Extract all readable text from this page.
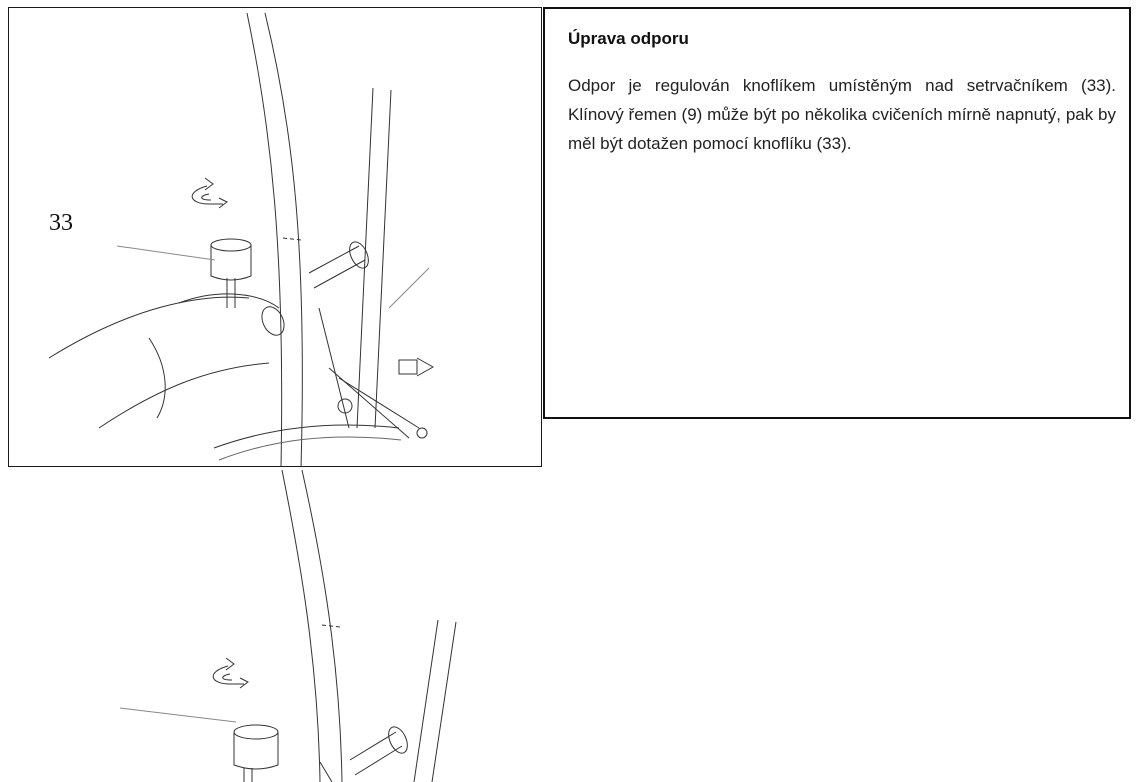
33
Úprava odporu

Odpor je regulován knoflíkem umístěným nad setrvačníkem (33). Klínový řemen (9) může být po několika cvičeních mírně napnutý, pak by měl být dotažen pomocí knoflíku (33).
